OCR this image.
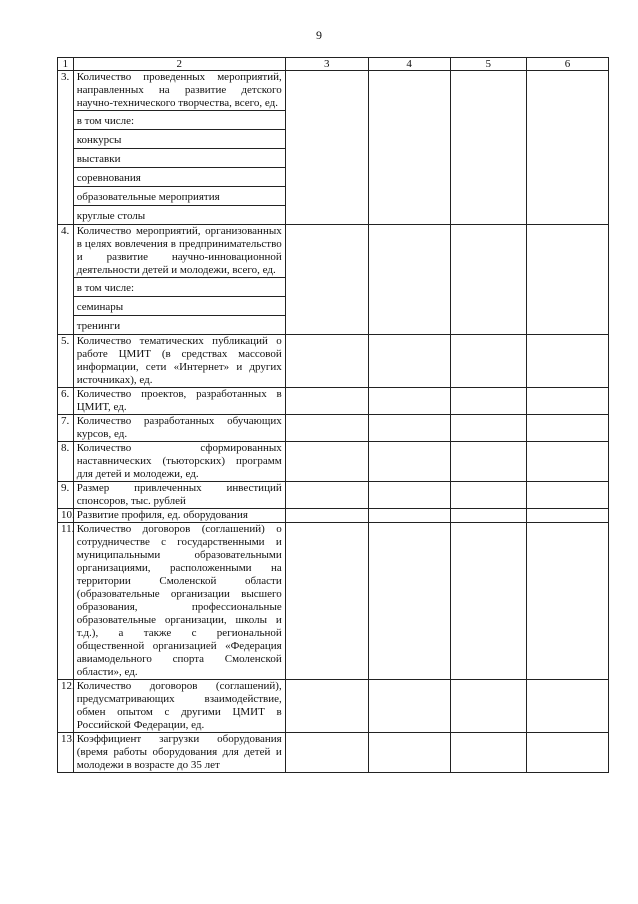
9
1	2	3	4	5	6
3.	Количество проведенных мероприятий, направленных на развитие детского научно-технического творчества, всего, ед.				

	в том числе:				

	конкурсы				

	выставки				

	соревнования				

	образовательные мероприятия				

	круглые столы				

4.	Количество мероприятий, организованных в целях вовлечения в предпринимательство и развитие научно-инновационной деятельности детей и молодежи, всего, ед.				

	в том числе:				

	семинары				

	тренинги				

5.	Количество тематических публикаций о работе ЦМИТ (в средствах массовой информации, сети «Интернет» и других источниках), ед.				
6.	Количество проектов, разработанных в ЦМИТ, ед.				
7.	Количество разработанных обучающих курсов, ед.				
8.	Количество сформированных наставнических (тьюторских) программ для детей и молодежи, ед.				
9.	Размер привлеченных инвестиций спонсоров, тыс. рублей				
10.	Развитие профиля, ед. оборудования				
11.	Количество договоров (соглашений) о сотрудничестве с государственными и муниципальными образовательными организациями, расположенными на территории Смоленской области (образовательные организации высшего образования, профессиональные образовательные организации, школы и т.д.), а также с региональной общественной организацией «Федерация авиамодельного спорта Смоленской области», ед.				
12.	Количество договоров (соглашений), предусматривающих взаимодействие, обмен опытом с другими ЦМИТ в Российской Федерации, ед.				
13.	Коэффициент загрузки оборудования (время работы оборудования для детей и молодежи в возрасте до 35 лет				
